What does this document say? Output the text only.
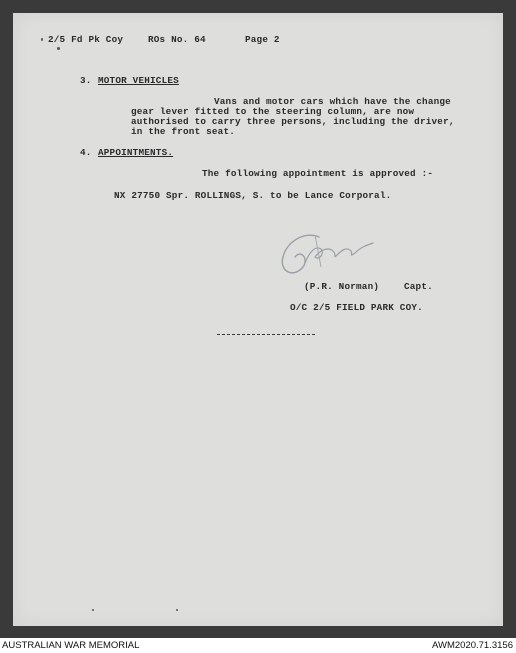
2/5 Fd Pk Coy	ROs No. 64	Page 2
3. MOTOR VEHICLES
Vans and motor cars which have the change
gear lever fitted to the steering column, are now
authorised to carry three persons, including the driver,
in the front seat.
4. APPOINTMENTS.
The following appointment is approved :-
NX 27750 Spr. ROLLINGS, S. to be Lance Corporal.
(P.R. Norman)	Capt.
O/C 2/5 FIELD PARK COY.
AUSTRALIAN WAR MEMORIAL	AWM2020.71.3156
